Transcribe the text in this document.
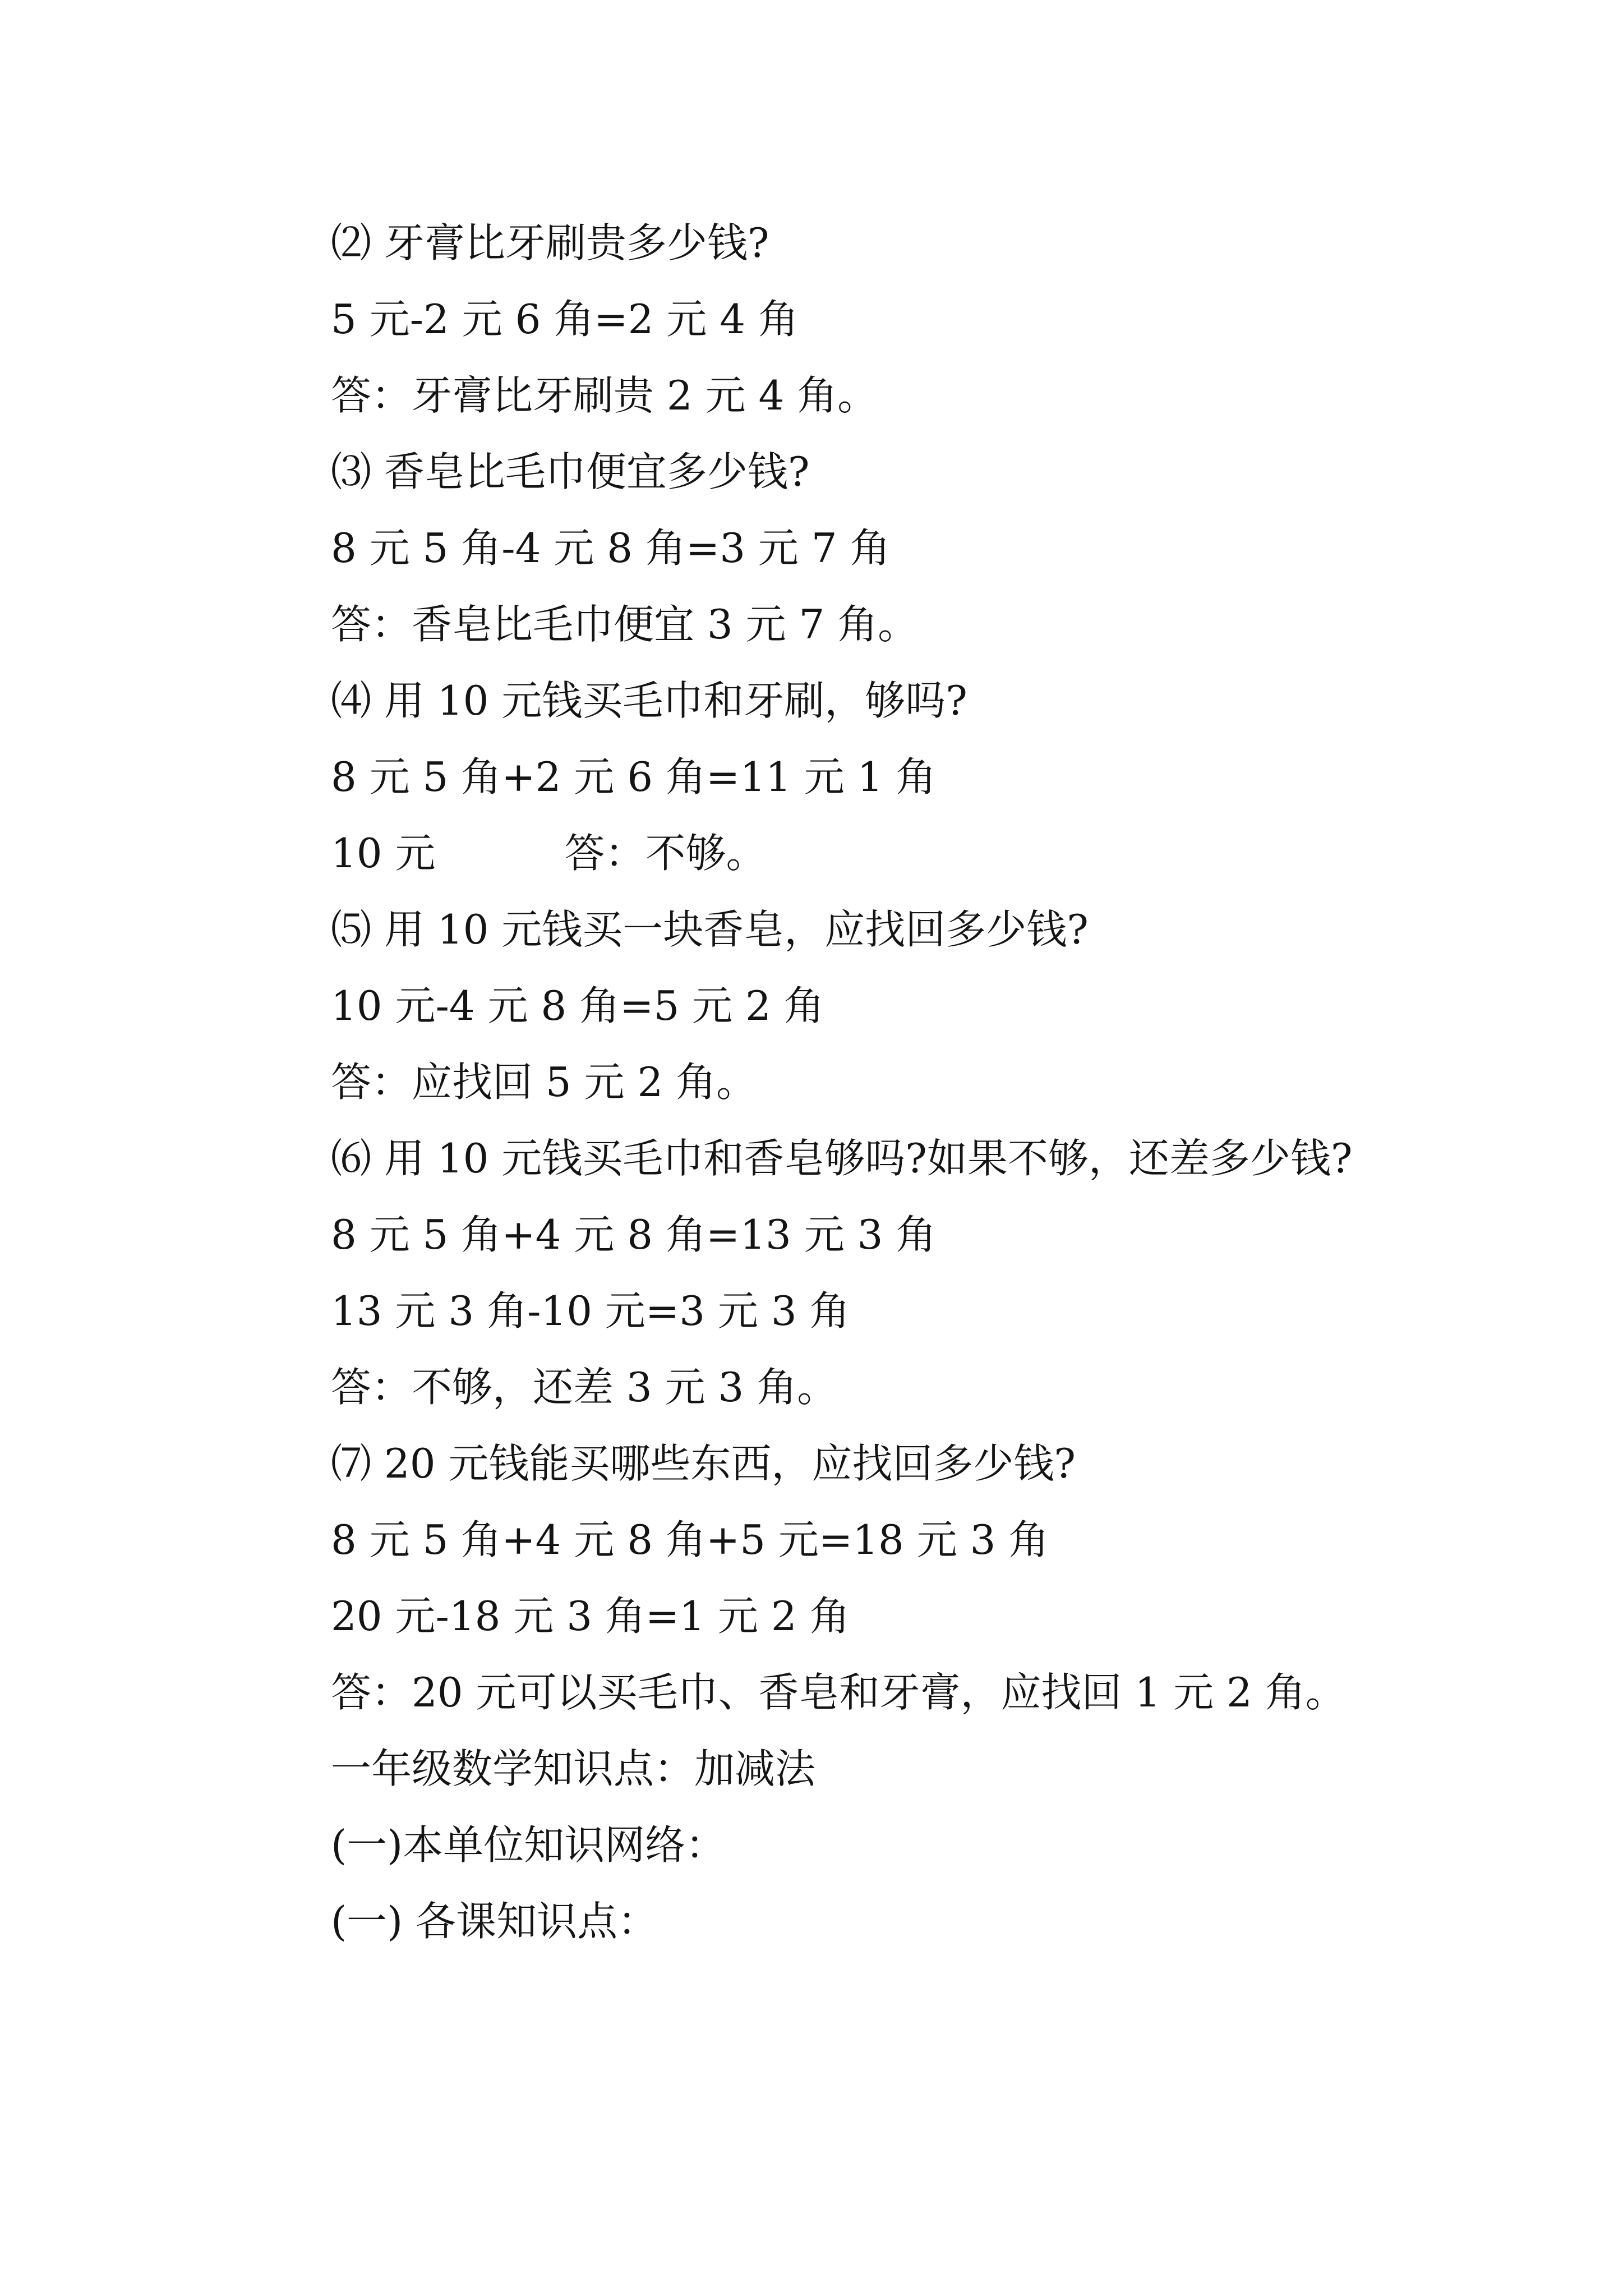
⑵ 牙膏比牙刷贵多少钱?

5 元-2 元 6 角=2 元 4 角

答：牙膏比牙刷贵 2 元 4 角。

⑶ 香皂比毛巾便宜多少钱?

8 元 5 角-4 元 8 角=3 元 7 角

答：香皂比毛巾便宜 3 元 7 角。

⑷ 用 10 元钱买毛巾和牙刷，够吗?

8 元 5 角+2 元 6 角=11 元 1 角

10 元	答：不够。

⑸ 用 10 元钱买一块香皂，应找回多少钱?

10 元-4 元 8 角=5 元 2 角

答：应找回 5 元 2 角。

⑹ 用 10 元钱买毛巾和香皂够吗?如果不够，还差多少钱?

8 元 5 角+4 元 8 角=13 元 3 角

13 元 3 角-10 元=3 元 3 角

答：不够，还差 3 元 3 角。

⑺ 20 元钱能买哪些东西，应找回多少钱?

8 元 5 角+4 元 8 角+5 元=18 元 3 角

20 元-18 元 3 角=1 元 2 角

答：20 元可以买毛巾、香皂和牙膏，应找回 1 元 2 角。

一年级数学知识点：加减法

(一)本单位知识网络：

(一) 各课知识点：
